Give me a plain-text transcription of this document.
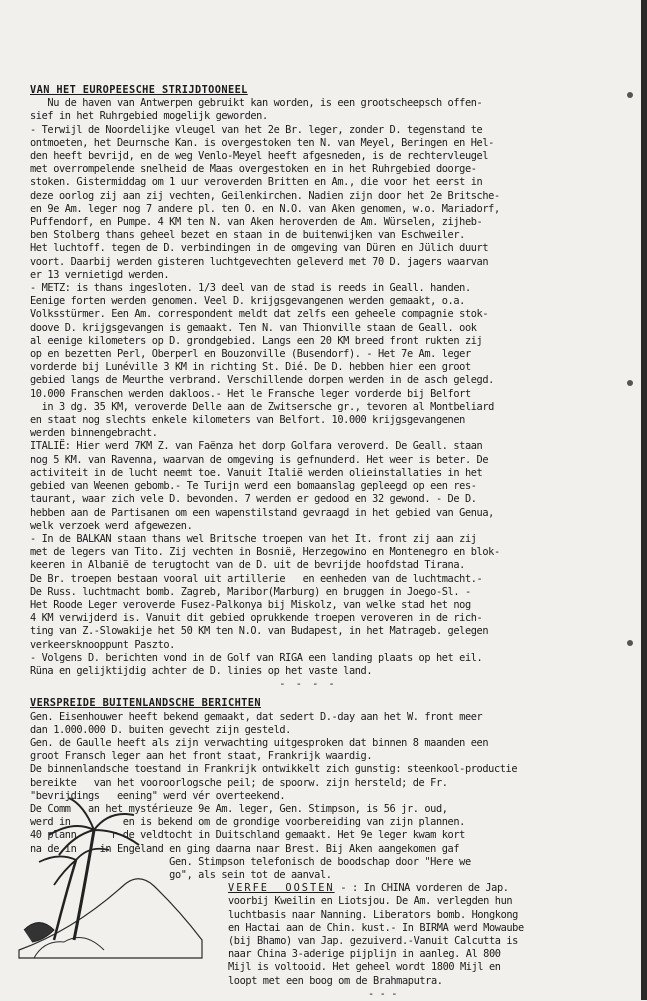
VAN HET EUROPEESCHE STRIJDTOONEEL
Nu de haven van Antwerpen gebruikt kan worden, is een grootscheepsch offen-
sief in het Ruhrgebied mogelijk geworden.
- Terwijl de Noordelijke vleugel van het 2e Br. leger, zonder D. tegenstand te
ontmoeten, het Deurnsche Kan. is overgestoken ten N. van Meyel, Beringen en Hel-
den heeft bevrijd, en de weg Venlo-Meyel heeft afgesneden, is de rechtervleugel
met overrompelende snelheid de Maas overgestoken en in het Ruhrgebied doorge-
stoken. Gistermiddag om 1 uur veroverden Britten en Am., die voor het eerst in
deze oorlog zij aan zij vechten, Geilenkirchen. Nadien zijn door het 2e Britsche-
en 9e Am. leger nog 7 andere pl. ten O. en N.O. van Aken genomen, w.o. Mariadorf,
Puffendorf, en Pumpe. 4 KM ten N. van Aken heroverden de Am. Würselen, zijheb-
ben Stolberg thans geheel bezet en staan in de buitenwijken van Eschweiler.
Het luchtoff. tegen de D. verbindingen in de omgeving van Düren en Jülich duurt
voort. Daarbij werden gisteren luchtgevechten geleverd met 70 D. jagers waarvan
er 13 vernietigd werden.
- METZ: is thans ingesloten. 1/3 deel van de stad is reeds in Geall. handen.
Eenige forten werden genomen. Veel D. krijgsgevangenen werden gemaakt, o.a.
Volksstürmer. Een Am. correspondent meldt dat zelfs een geheele compagnie stok-
doove D. krijgsgevangen is gemaakt. Ten N. van Thionville staan de Geall. ook
al eenige kilometers op D. grondgebied. Langs een 20 KM breed front rukten zij
op en bezetten Perl, Oberperl en Bouzonville (Busendorf). - Het 7e Am. leger
vorderde bij Lunéville 3 KM in richting St. Dié. De D. hebben hier een groot
gebied langs de Meurthe verbrand. Verschillende dorpen werden in de asch gelegd.
10.000 Franschen werden dakloos.- Het le Fransche leger vorderde bij Belfort
in 3 dg. 35 KM, veroverde Delle aan de Zwitsersche gr., tevoren al Montbeliard
en staat nog slechts enkele kilometers van Belfort. 10.000 krijgsgevangenen
werden binnengebracht.
ITALIË: Hier werd 7KM Z. van Faënza het dorp Golfara veroverd. De Geall. staan
nog 5 KM. van Ravenna, waarvan de omgeving is gefnunderd. Het weer is beter. De
activiteit in de lucht neemt toe. Vanuit Italië werden olieinstallaties in het
gebied van Weenen gebomb.- Te Turijn werd een bomaanslag gepleegd op een res-
taurant, waar zich vele D. bevonden. 7 werden er gedood en 32 gewond. - De D.
hebben aan de Partisanen om een wapenstilstand gevraagd in het gebied van Genua,
welk verzoek werd afgewezen.
- In de BALKAN staan thans wel Britsche troepen van het It. front zij aan zij
met de legers van Tito. Zij vechten in Bosnië, Herzegowino en Montenegro en blok-
keeren in Albanië de terugtocht van de D. uit de bevrijde hoofdstad Tirana.
De Br. troepen bestaan vooral uit artillerie   en eenheden van de luchtmacht.-
De Russ. luchtmacht bomb. Zagreb, Maribor(Marburg) en bruggen in Joego-Sl. -
Het Roode Leger veroverde Fusez-Palkonya bij Miskolz, van welke stad het nog
4 KM verwijderd is. Vanuit dit gebied oprukkende troepen veroveren in de rich-
ting van Z.-Slowakije het 50 KM ten N.O. van Budapest, in het Matrageb. gelegen
verkeersknooppunt Paszto.
- Volgens D. berichten vond in de Golf van RIGA een landing plaats op het eil.
Rüna en gelijktijdig achter de D. linies op het vaste land.
- - - -
VERSPREIDE BUITENLANDSCHE BERICHTEN
Gen. Eisenhouwer heeft bekend gemaakt, dat sedert D.-day aan het W. front meer
dan 1.000.000 D. buiten gevecht zijn gesteld.
Gen. de Gaulle heeft als zijn verwachting uitgesproken dat binnen 8 maanden een
groot Fransch leger aan het front staat, Frankrijk waardig.
De binnenlandsche toestand in Frankrijk ontwikkelt zich gunstig: steenkool-productie
bereikte   van het vooroorlogsche peil; de spoorw. zijn hersteld; de Fr.
"bevrijdings   eening" werd vér overteekend.
De Comm   an het mystérieuze 9e Am. leger, Gen. Stimpson, is 56 jr. oud,
werd in         en is bekend om de grondige voorbereiding van zijn plannen.
40 plann      r de veldtocht in Duitschland gemaakt. Het 9e leger kwam kort
na de in    in Engeland en ging daarna naar Brest. Bij Aken aangekomen gaf
Gen. Stimpson telefonisch de boodschap door "Here we
go", als sein tot de aanval.
VERFE  OOSTEN - : In CHINA vorderen de Jap.
voorbij Kweilin en Liotsjou. De Am. verlegden hun
luchtbasis naar Nanning. Liberators bomb. Hongkong
en Hactai aan de Chin. kust.- In BIRMA werd Mowaube
(bij Bhamo) van Jap. gezuiverd.-Vanuit Calcutta is
naar China 3-aderige pijplijn in aanleg. Al 800
Mijl is voltooid. Het geheel wordt 1800 Mijl en
loopt met een boog om de Brahmaputra.
- - -
